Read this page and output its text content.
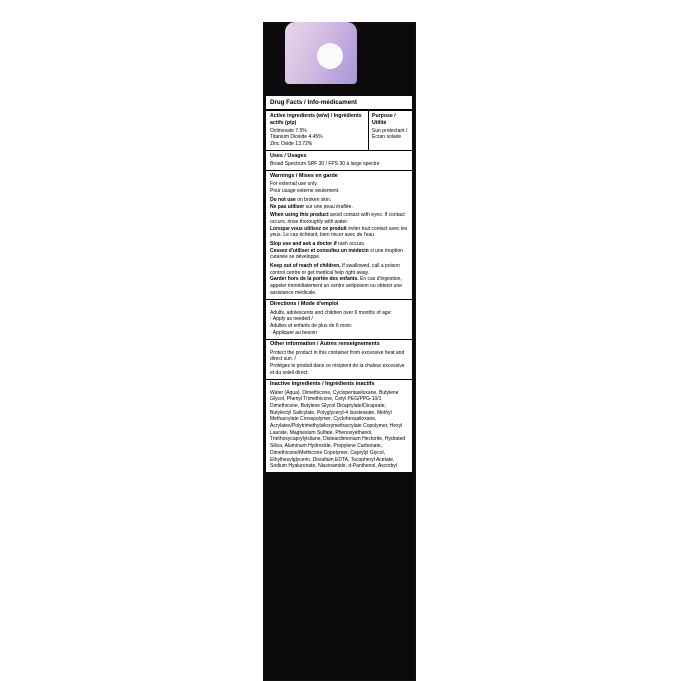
Drug Facts / Info-médicament
Active ingredients (w/w) / Ingrédients actifs (p/p)
Octinoxate 7.5%
Titanium Dioxide 4.45%
Zinc Oxide 13.72%
Purpose / Utilité
Sun protectant /
Écran solaire
Uses / Usages
Broad Spectrum SPF 30 / FPS 30 à large spectre
Warnings / Mises en garde
For external use only.
Pour usage externe seulement.
Do not use on broken skin.
Ne pas utiliser sur une peau éraflée.
When using this product avoid contact with eyes. If contact occurs, rinse thoroughly with water.
Lorsque vous utilisez ce produit éviter tout contact avec les yeux. Le cas échéant, bien rincer avec de l'eau
Stop use and ask a doctor if rash occurs.
Cessez d'utiliser et consultez un médecin si une éruption cutanée se développe.
Keep out of reach of children. If swallowed, call a poison control centre or get medical help right away.
Garder hors de la portée des enfants. En cas d'ingestion, appeler immédiatement un centre antipoison ou obtenir une assistance médicale.
Directions / Mode d'emploi
Adults, adolescents and children over 6 months of age:
· Apply as needed /
Adultes et enfants de plus de 6 mois:
· Appliquer au besoin
Other information / Autres renseignements
Protect the product in this container from excessive heat and direct sun. /
Protégez le produit dans ce récipient de la chaleur excessive et du soleil direct.
Inactive ingredients / Ingrédients inactifs
Water (Aqua), Dimethicone, Cyclopentasiloxane, Butylene Glycol, Phenyl Trimethicone, Cetyl PEG/PPG-10/1 Dimethicone, Butylene Glycol Dicaprylate/Dicaprate, Butylectyl Salicylate, Polyglyceryl-4 Isostearate, Methyl Methacrylate Crosspolymer, Cyclohexasiloxane, Acrylates/Polytrimethylsiloxymethacrylate Copolymer, Hexyl Laurate, Magnesium Sulfate, Phenoxyethanol, Triethoxycaprylylsilane, Disteardimonium Hectorite, Hydrated Silica, Aluminum Hydroxide, Propylene Carbonate, Dimethicone/Methicone Copolymer, Caprylyl Glycol, Ethylhexylglycerin, Disodium EDTA, Tocopheryl Acetate, Sodium Hyaluronate, Niacinamide, d-Panthenol, Ascorbyl
